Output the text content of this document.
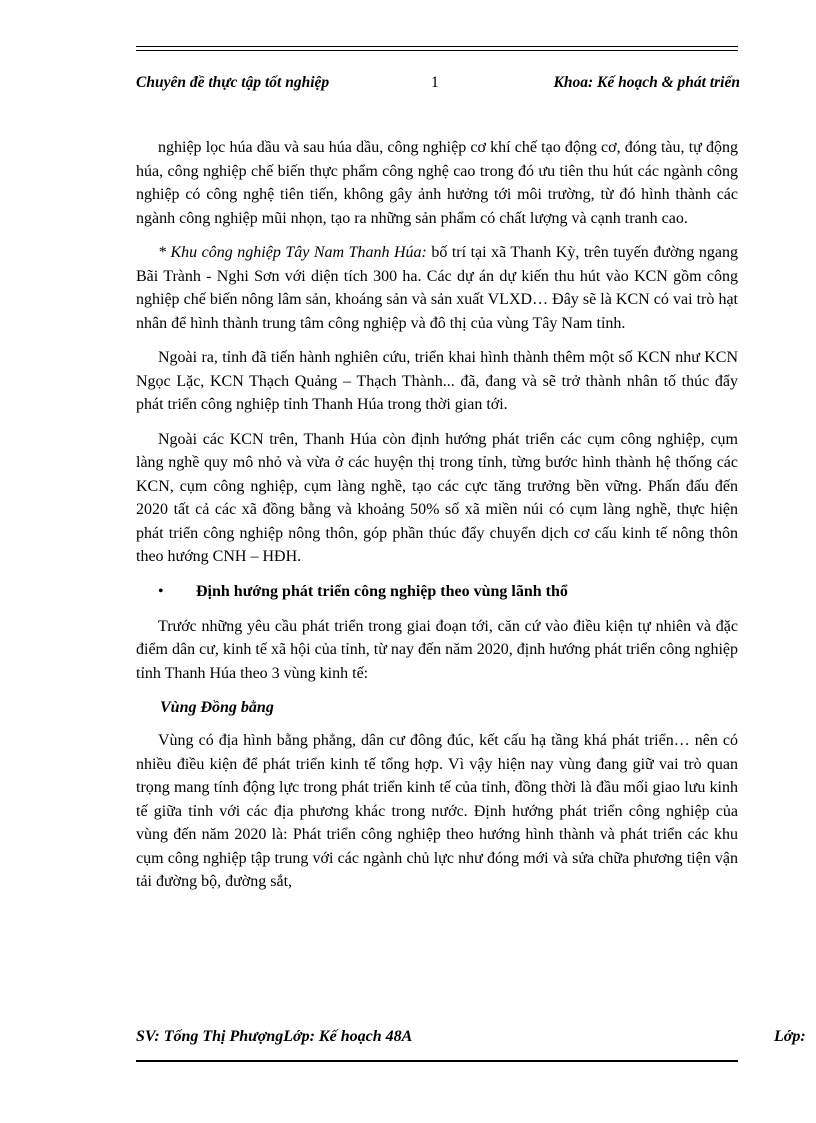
Chuyên đề thực tập tốt nghiệp	1	Khoa: Kế hoạch & phát triển

nghiệp lọc húa dầu và sau húa dầu, công nghiệp cơ khí chế tạo động cơ, đóng tàu, tự động húa, công nghiệp chế biến thực phẩm công nghệ cao trong đó ưu tiên thu hút các ngành công nghiệp có công nghệ tiên tiến, không gây ảnh hưởng tới môi trường, từ đó hình thành các ngành công nghiệp mũi nhọn, tạo ra những sản phẩm có chất lượng và cạnh tranh cao.

* Khu công nghiệp Tây Nam Thanh Húa: bố trí tại xã Thanh Kỳ, trên tuyến đường ngang Bãi Trành - Nghi Sơn với diện tích 300 ha. Các dự án dự kiến thu hút vào KCN gồm công nghiệp chế biến nông lâm sản, khoáng sản và sản xuất VLXD… Đây sẽ là KCN có vai trò hạt nhân để hình thành trung tâm công nghiệp và đô thị của vùng Tây Nam tỉnh.

Ngoài ra, tỉnh đã tiến hành nghiên cứu, triển khai hình thành thêm một số KCN như KCN Ngọc Lặc, KCN Thạch Quảng – Thạch Thành... đã, đang và sẽ trở thành nhân tố thúc đẩy phát triển công nghiệp tỉnh Thanh Húa trong thời gian tới.

Ngoài các KCN trên, Thanh Húa còn định hướng phát triển các cụm công nghiệp, cụm làng nghề quy mô nhỏ và vừa ở các huyện thị trong tỉnh, từng bước hình thành hệ thống các KCN, cụm công nghiệp, cụm làng nghề, tạo các cực tăng trưởng bền vững. Phấn đấu đến 2020 tất cả các xã đồng bằng và khoảng 50% số xã miền núi có cụm làng nghề, thực hiện phát triển công nghiệp nông thôn, góp phần thúc đẩy chuyển dịch cơ cấu kinh tế nông thôn theo hướng CNH – HĐH.

• Định hướng phát triển công nghiệp theo vùng lãnh thổ

Trước những yêu cầu phát triển trong giai đoạn tới, căn cứ vào điều kiện tự nhiên và đặc điểm dân cư, kinh tế xã hội của tỉnh, từ nay đến năm 2020, định hướng phát triển công nghiệp tỉnh Thanh Húa theo 3 vùng kinh tế:

Vùng Đồng bằng

Vùng có địa hình bằng phẳng, dân cư đông đúc, kết cấu hạ tầng khá phát triển… nên có nhiều điều kiện để phát triển kinh tế tổng hợp. Vì vậy hiện nay vùng đang giữ vai trò quan trọng mang tính động lực trong phát triển kinh tế của tỉnh, đồng thời là đầu mối giao lưu kinh tế giữa tỉnh với các địa phương khác trong nước. Định hướng phát triển công nghiệp của vùng đến năm 2020 là: Phát triển công nghiệp theo hướng hình thành và phát triển các khu cụm công nghiệp tập trung với các ngành chủ lực như đóng mới và sửa chữa phương tiện vận tải đường bộ, đường sắt,

SV: Tống Thị PhượngLớp: Kế hoạch 48A	Lớp:
